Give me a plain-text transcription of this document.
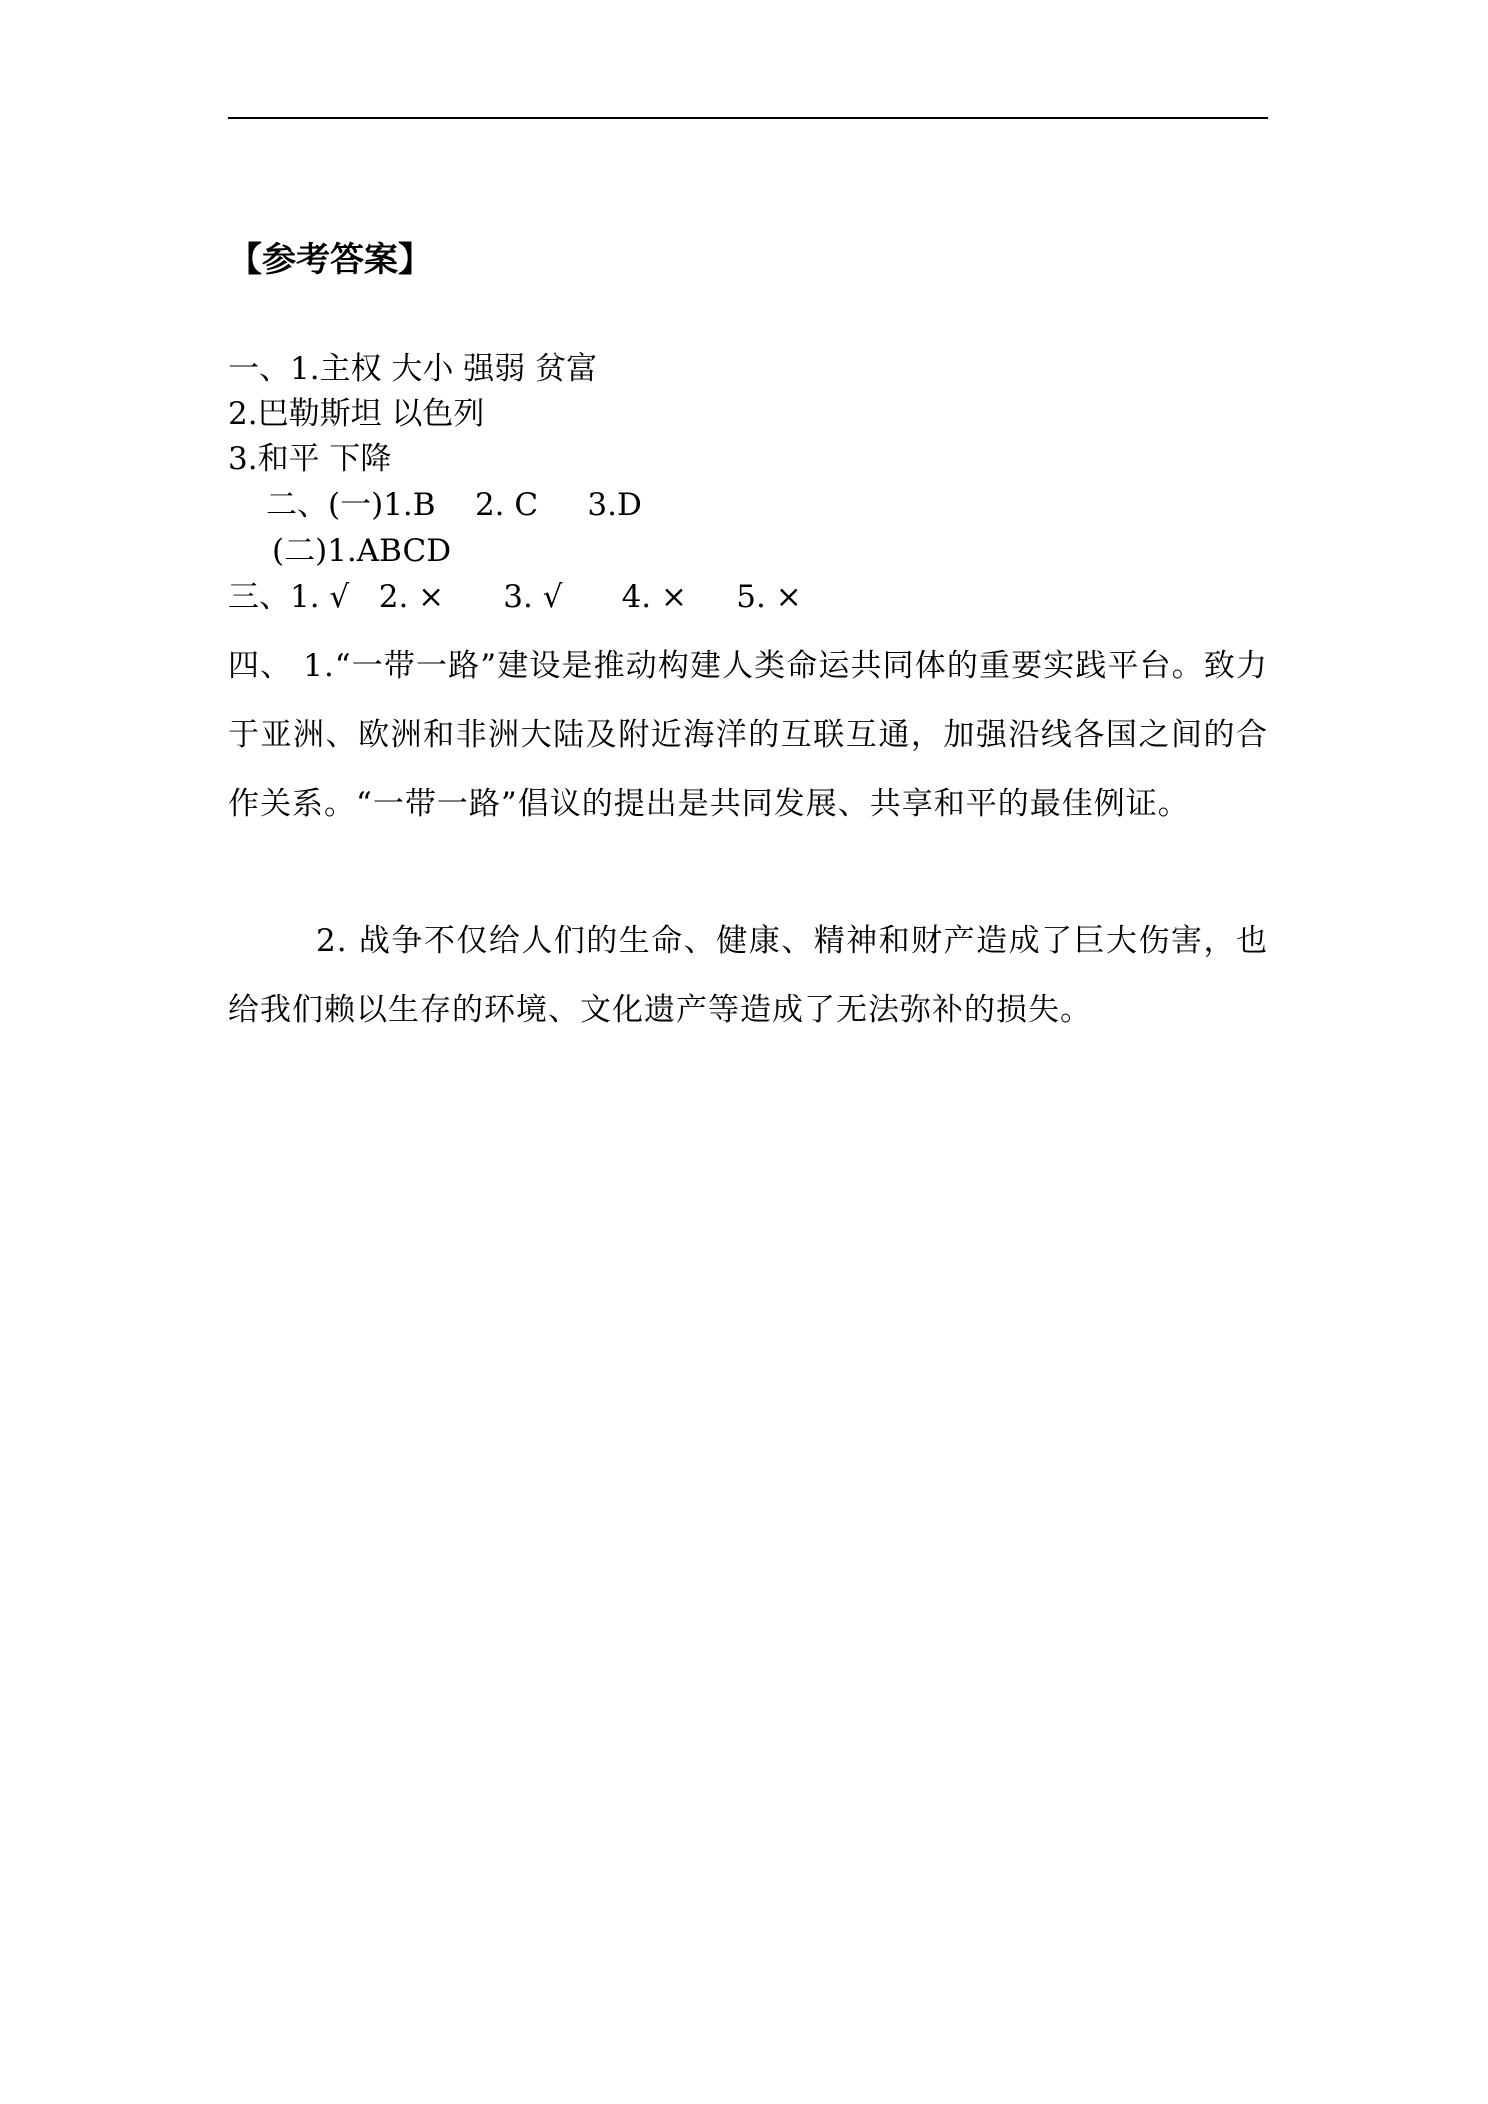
【参考答案】
一、1.主权 大小 强弱 贫富
2.巴勒斯坦 以色列
3.和平 下降
二、(一)1.B    2. C     3.D
(二)1.ABCD
三、1. √   2. ×      3. √      4. ×     5. ×
四、 1.“一带一路”建设是推动构建人类命运共同体的重要实践平台。致力于亚洲、欧洲和非洲大陆及附近海洋的互联互通，加强沿线各国之间的合作关系。“一带一路”倡议的提出是共同发展、共享和平的最佳例证。
2. 战争不仅给人们的生命、健康、精神和财产造成了巨大伤害，也给我们赖以生存的环境、文化遗产等造成了无法弥补的损失。
